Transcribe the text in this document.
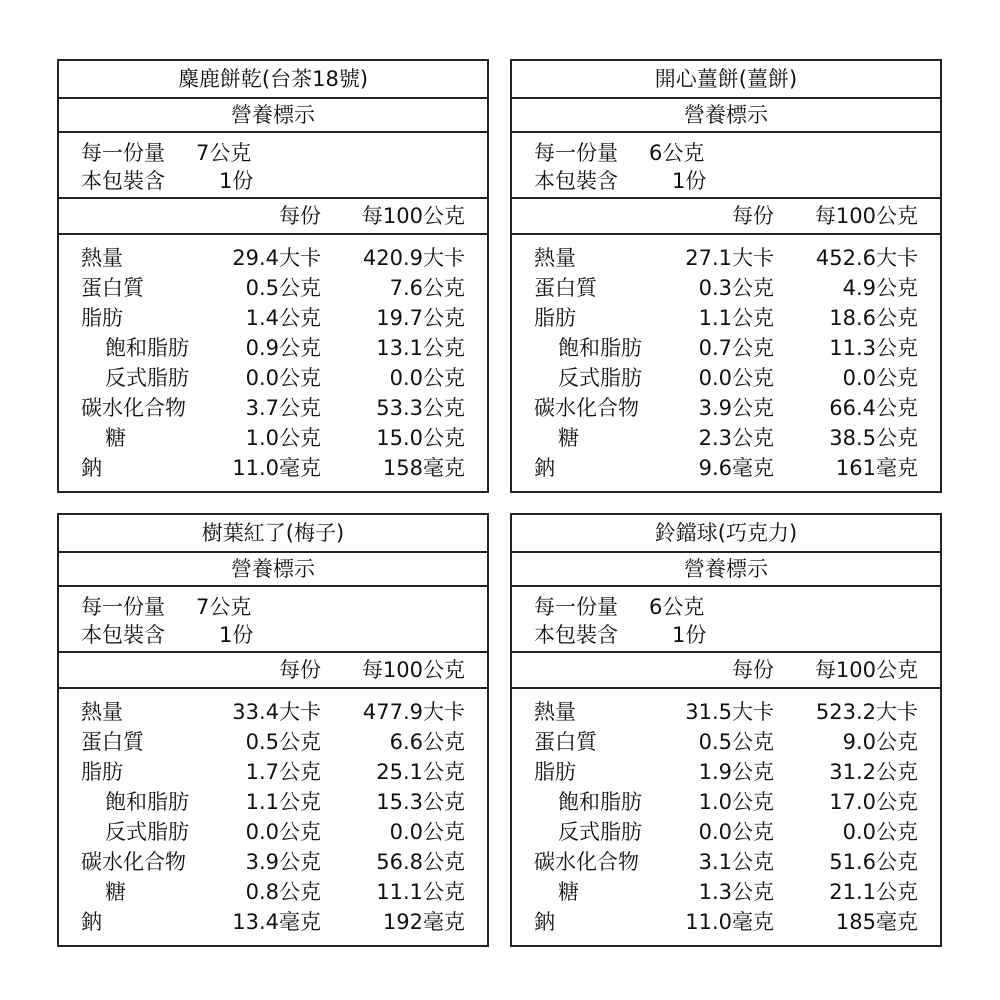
麋鹿餅乾(台茶18號)
營養標示
每一份量 7公克
本包裝含	1份
每份 每100公克
熱量	29.4大卡 420.9大卡
蛋白質	0.5公克	7.6公克
脂肪	1.4公克	19.7公克
飽和脂肪	0.9公克	13.1公克
反式脂肪	0.0公克	0.0公克
碳水化合物	3.7公克	53.3公克
糖	1.0公克	15.0公克
鈉	11.0毫克	158毫克
開心薑餅(薑餅)
營養標示
每一份量 6公克
本包裝含	1份
每份 每100公克
熱量	27.1大卡 452.6大卡
蛋白質	0.3公克	4.9公克
脂肪	1.1公克	18.6公克
飽和脂肪	0.7公克	11.3公克
反式脂肪	0.0公克	0.0公克
碳水化合物	3.9公克	66.4公克
糖	2.3公克	38.5公克
鈉	9.6毫克	161毫克
樹葉紅了(梅子)
營養標示
每一份量 7公克
本包裝含	1份
每份 每100公克
熱量	33.4大卡 477.9大卡
蛋白質	0.5公克	6.6公克
脂肪	1.7公克	25.1公克
飽和脂肪	1.1公克	15.3公克
反式脂肪	0.0公克	0.0公克
碳水化合物	3.9公克	56.8公克
糖	0.8公克	11.1公克
鈉	13.4毫克	192毫克
鈴鐺球(巧克力)
營養標示
每一份量 6公克
本包裝含	1份
每份 每100公克
熱量	31.5大卡 523.2大卡
蛋白質	0.5公克	9.0公克
脂肪	1.9公克	31.2公克
飽和脂肪	1.0公克	17.0公克
反式脂肪	0.0公克	0.0公克
碳水化合物	3.1公克	51.6公克
糖	1.3公克	21.1公克
鈉	11.0毫克	185毫克
